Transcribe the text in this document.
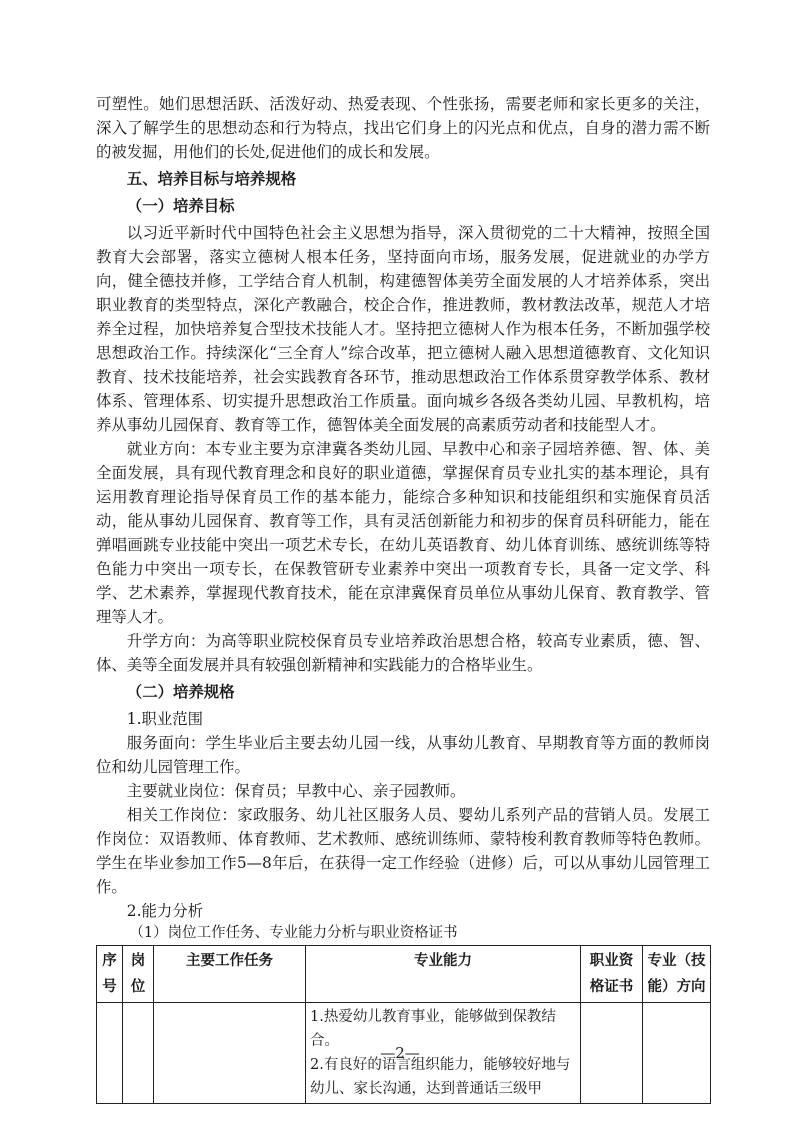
可塑性。她们思想活跃、活泼好动、热爱表现、个性张扬，需要老师和家长更多的关注，深入了解学生的思想动态和行为特点，找出它们身上的闪光点和优点，自身的潜力需不断的被发掘，用他们的长处,促进他们的成长和发展。

五、培养目标与培养规格

（一）培养目标

以习近平新时代中国特色社会主义思想为指导，深入贯彻党的二十大精神，按照全国教育大会部署，落实立德树人根本任务，坚持面向市场，服务发展，促进就业的办学方向，健全德技并修，工学结合育人机制，构建德智体美劳全面发展的人才培养体系，突出职业教育的类型特点，深化产教融合，校企合作，推进教师，教材教法改革，规范人才培养全过程，加快培养复合型技术技能人才。坚持把立德树人作为根本任务，不断加强学校思想政治工作。持续深化“三全育人”综合改革，把立德树人融入思想道德教育、文化知识教育、技术技能培养，社会实践教育各环节，推动思想政治工作体系贯穿教学体系、教材体系、管理体系、切实提升思想政治工作质量。面向城乡各级各类幼儿园、早教机构，培养从事幼儿园保育、教育等工作，德智体美全面发展的高素质劳动者和技能型人才。

就业方向：本专业主要为京津冀各类幼儿园、早教中心和亲子园培养德、智、体、美全面发展，具有现代教育理念和良好的职业道德，掌握保育员专业扎实的基本理论，具有运用教育理论指导保育员工作的基本能力，能综合多种知识和技能组织和实施保育员活动，能从事幼儿园保育、教育等工作，具有灵活创新能力和初步的保育员科研能力，能在弹唱画跳专业技能中突出一项艺术专长，在幼儿英语教育、幼儿体育训练、感统训练等特色能力中突出一项专长，在保教管研专业素养中突出一项教育专长，具备一定文学、科学、艺术素养，掌握现代教育技术，能在京津冀保育员单位从事幼儿保育、教育教学、管理等人才。

升学方向：为高等职业院校保育员专业培养政治思想合格，较高专业素质，德、智、体、美等全面发展并具有较强创新精神和实践能力的合格毕业生。

（二）培养规格

1.职业范围

服务面向：学生毕业后主要去幼儿园一线，从事幼儿教育、早期教育等方面的教师岗位和幼儿园管理工作。

主要就业岗位：保育员；早教中心、亲子园教师。

相关工作岗位：家政服务、幼儿社区服务人员、婴幼儿系列产品的营销人员。发展工作岗位：双语教师、体育教师、艺术教师、感统训练师、蒙特梭利教育教师等特色教师。学生在毕业参加工作5—8年后，在获得一定工作经验（进修）后，可以从事幼儿园管理工作。

2.能力分析

（1）岗位工作任务、专业能力分析与职业资格证书

序号	岗位	主要工作任务	专业能力	职业资格证书	专业（技能）方向

			1.热爱幼儿教育事业，能够做到保教结合。
2.有良好的语言组织能力，能够较好地与幼儿、家长沟通，达到普通话三级甲		

—2—
